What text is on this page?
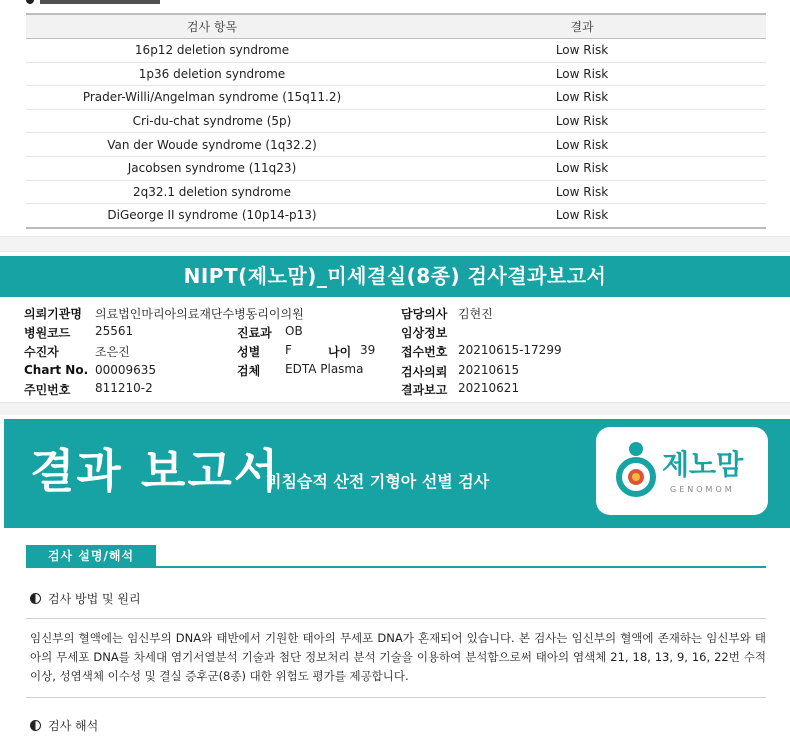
검사 항목	결과
16p12 deletion syndrome	Low Risk
1p36 deletion syndrome	Low Risk
Prader-Willi/Angelman syndrome (15q11.2)	Low Risk
Cri-du-chat syndrome (5p)	Low Risk
Van der Woude syndrome (1q32.2)	Low Risk
Jacobsen syndrome (11q23)	Low Risk
2q32.1 deletion syndrome	Low Risk
DiGeorge II syndrome (10p14-p13)	Low Risk
NIPT(제노맘)_미세결실(8종) 검사결과보고서
의뢰기관명 의료법인마리아의료재단수병동리이의원
병원코드 25561
수진자	조은진
Chart No. 00009635
주민번호 811210-2
진료과 OB
성별 F	나이 39
검체 EDTA Plasma
담당의사 김현진
임상정보
접수번호 20210615-17299
검사의뢰 20210615
결과보고 20210621
결과 보고서
비침습적 산전 기형아 선별 검사
제노맘
GENOMOM
검사 설명/해석
검사 방법 및 원리
임신부의 혈액에는 임신부의 DNA와 태반에서 기원한 태아의 무세포 DNA가 혼재되어 있습니다. 본 검사는 임신부의 혈액에 존재하는 임신부와 태아의 무세포 DNA를 차세대 염기서열분석 기술과 첨단 정보처리 분석 기술을 이용하여 분석함으로써 태아의 염색체 21, 18, 13, 9, 16, 22번 수적 이상, 성염색체 이수성 및 결실 증후군(8종) 대한 위험도 평가를 제공합니다.
검사 해석
